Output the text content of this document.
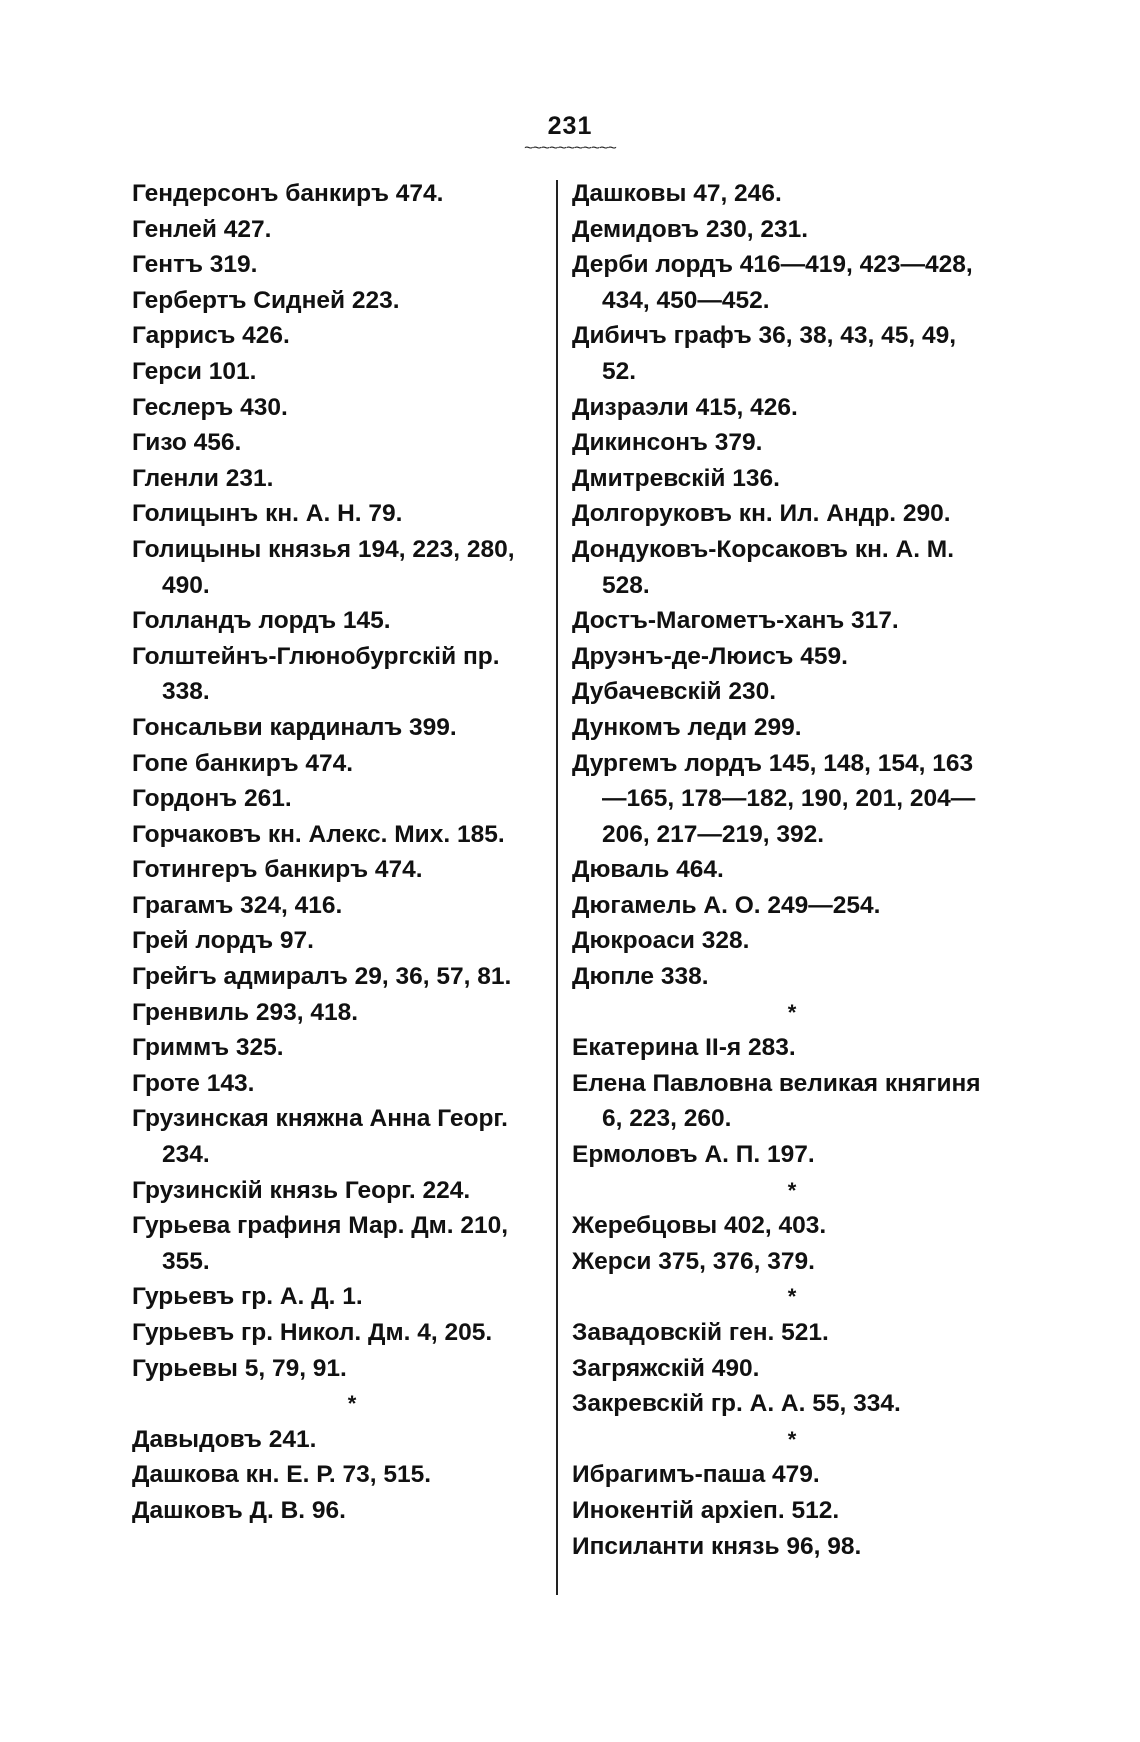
231
~~~~~~~~~~~
Гендерсонъ банкиръ 474.
Генлей 427.
Гентъ 319.
Гербертъ Сидней 223.
Гаррисъ 426.
Герси 101.
Геслеръ 430.
Гизо 456.
Гленли 231.
Голицынъ кн. А. Н. 79.
Голицыны князья 194, 223, 280, 490.
Голландъ лордъ 145.
Голштейнъ-Глюнобургскій пр. 338.
Гонсальви кардиналъ 399.
Гопе банкиръ 474.
Гордонъ 261.
Горчаковъ кн. Алекс. Мих. 185.
Готингеръ банкиръ 474.
Грагамъ 324, 416.
Грей лордъ 97.
Грейгъ адмиралъ 29, 36, 57, 81.
Гренвиль 293, 418.
Гриммъ 325.
Гроте 143.
Грузинская княжна Анна Георг. 234.
Грузинскій князь Георг. 224.
Гурьева графиня Мар. Дм. 210, 355.
Гурьевъ гр. А. Д. 1.
Гурьевъ гр. Никол. Дм. 4, 205.
Гурьевы 5, 79, 91.
*
Давыдовъ 241.
Дашкова кн. Е. Р. 73, 515.
Дашковъ Д. В. 96.
Дашковы 47, 246.
Демидовъ 230, 231.
Дерби лордъ 416—419, 423—428, 434, 450—452.
Дибичъ графъ 36, 38, 43, 45, 49, 52.
Дизраэли 415, 426.
Дикинсонъ 379.
Дмитревскій 136.
Долгоруковъ кн. Ил. Андр. 290.
Дондуковъ-Корсаковъ кн. А. М. 528.
Достъ-Магометъ-ханъ 317.
Друэнъ-де-Люисъ 459.
Дубачевскій 230.
Дункомъ леди 299.
Дургемъ лордъ 145, 148, 154, 163—165, 178—182, 190, 201, 204—206, 217—219, 392.
Дюваль 464.
Дюгамель А. О. 249—254.
Дюкроаси 328.
Дюпле 338.
*
Екатерина II-я 283.
Елена Павловна великая княгиня 6, 223, 260.
Ермоловъ А. П. 197.
*
Жеребцовы 402, 403.
Жерси 375, 376, 379.
*
Завадовскій ген. 521.
Загряжскій 490.
Закревскій гр. А. А. 55, 334.
*
Ибрагимъ-паша 479.
Инокентій архіеп. 512.
Ипсиланти князь 96, 98.
